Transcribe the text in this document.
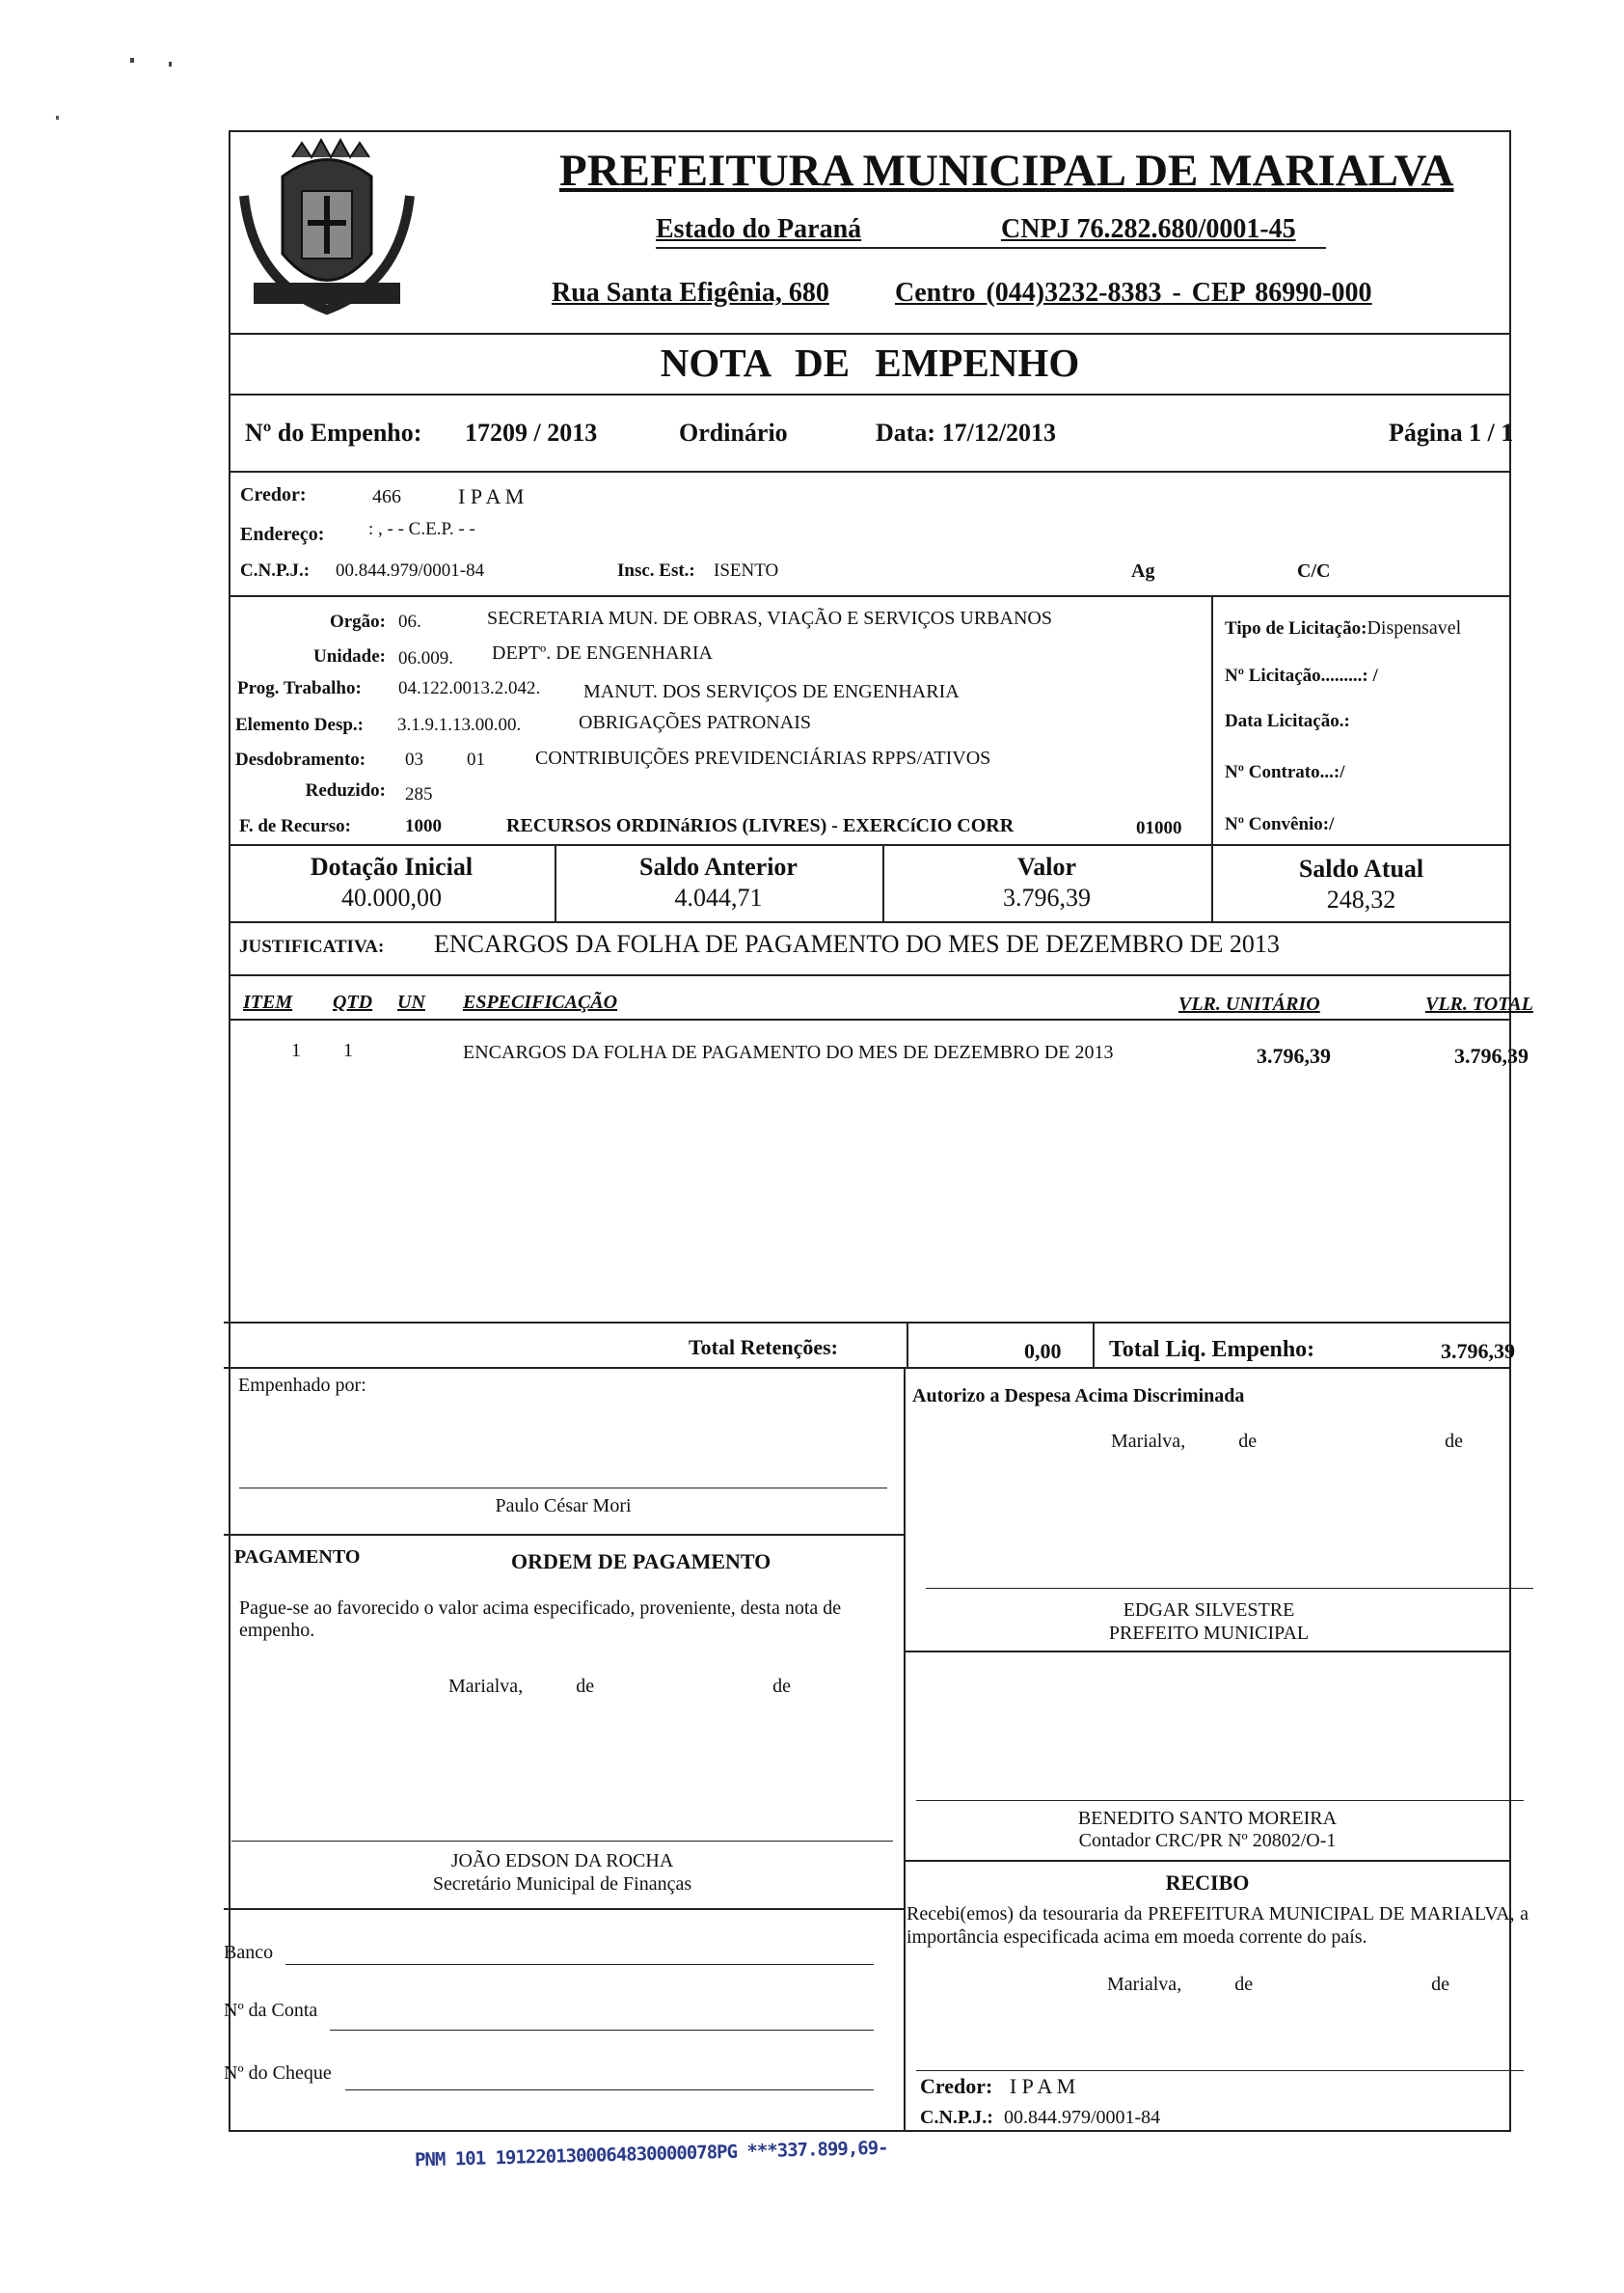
PREFEITURA MUNICIPAL DE MARIALVA
Estado do Paraná	CNPJ 76.282.680/0001-45
Rua Santa Efigênia, 680 Centro (044)3232-8383 - CEP 86990-000
NOTA DE EMPENHO
Nº do Empenho: 17209 / 2013	Ordinário	Data: 17/12/2013	Página 1 / 1
Credor:	466	I P A M
Endereço: : , - - C.E.P. - -
C.N.P.J.: 00.844.979/0001-84	Insc. Est.: ISENTO	Ag	C/C
Orgão: 06.	SECRETARIA MUN. DE OBRAS, VIAÇÃO E SERVIÇOS URBANOS
Unidade: 06.009. DEPTº. DE ENGENHARIA
Prog. Trabalho: 04.122.0013.2.042. MANUT. DOS SERVIÇOS DE ENGENHARIA
Elemento Desp.: 3.1.9.1.13.00.00.	OBRIGAÇÕES PATRONAIS
Desdobramento: 03 01	CONTRIBUIÇÕES PREVIDENCIÁRIAS RPPS/ATIVOS
Reduzido: 285
F. de Recurso:	1000	RECURSOS ORDINáRIOS (LIVRES) - EXERCíCIO CORR	01000
Tipo de Licitação:Dispensavel
Nº Licitação.........: /
Data Licitação.:
Nº Contrato...:/
Nº Convênio:/
Dotação Inicial
40.000,00
Saldo Anterior
4.044,71
Valor
3.796,39
Saldo Atual
248,32
JUSTIFICATIVA: ENCARGOS DA FOLHA DE PAGAMENTO DO MES DE DEZEMBRO DE 2013
ITEM QTD UN ESPECIFICAÇÃO	VLR. UNITÁRIO	VLR. TOTAL
1 1	ENCARGOS DA FOLHA DE PAGAMENTO DO MES DE DEZEMBRO DE 2013	3.796,39	3.796,39
Total Retenções:	0,00 Total Liq. Empenho:	3.796,39
Empenhado por:
Paulo César Mori
Autorizo a Despesa Acima Discriminada
Marialva,	de	de
EDGAR SILVESTRE
PREFEITO MUNICIPAL
PAGAMENTO	ORDEM DE PAGAMENTO
Pague-se ao favorecido o valor acima especificado, proveniente, desta nota de empenho.
Marialva,	de	de
BENEDITO SANTO MOREIRA
Contador CRC/PR Nº 20802/O-1
JOÃO EDSON DA ROCHA
Secretário Municipal de Finanças	RECIBO
Recebi(emos) da tesouraria da PREFEITURA MUNICIPAL DE MARIALVA, a importância especificada acima em moeda corrente do país.
Marialva,	de	de
Credor: I P A M
C.N.P.J.: 00.844.979/0001-84
Banco
Nº da Conta
Nº do Cheque
PNM 101 1912201300064830000078PG ***337.899,69-
